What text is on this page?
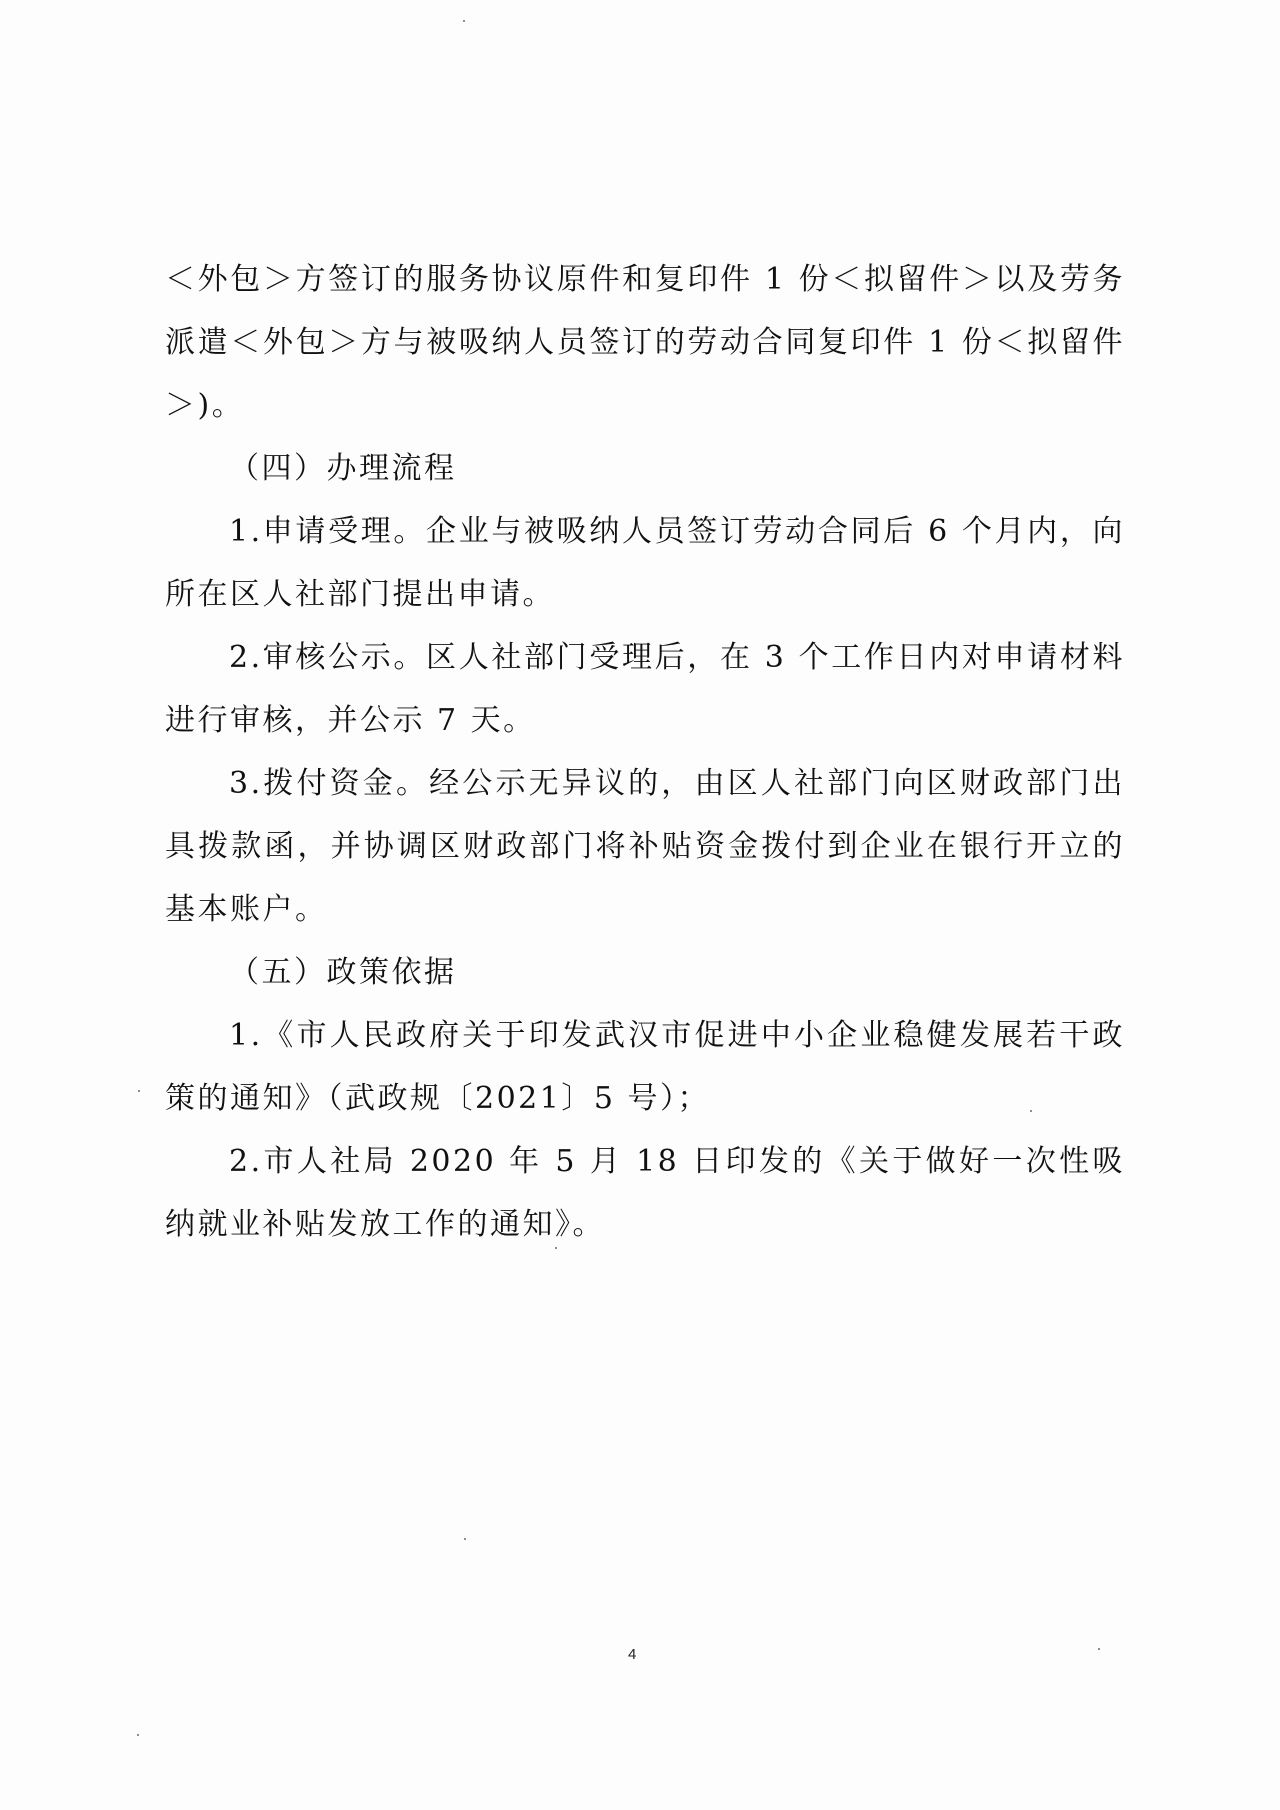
＜外包＞方签订的服务协议原件和复印件 1 份＜拟留件＞以及劳务派遣＜外包＞方与被吸纳人员签订的劳动合同复印件 1 份＜拟留件＞)。

（四）办理流程

1.申请受理。企业与被吸纳人员签订劳动合同后 6 个月内，向所在区人社部门提出申请。

2.审核公示。区人社部门受理后，在 3 个工作日内对申请材料进行审核，并公示 7 天。

3.拨付资金。经公示无异议的，由区人社部门向区财政部门出具拨款函，并协调区财政部门将补贴资金拨付到企业在银行开立的基本账户。

（五）政策依据

1.《市人民政府关于印发武汉市促进中小企业稳健发展若干政策的通知》（武政规〔2021〕5 号）；

2.市人社局 2020 年 5 月 18 日印发的《关于做好一次性吸纳就业补贴发放工作的通知》。

4
